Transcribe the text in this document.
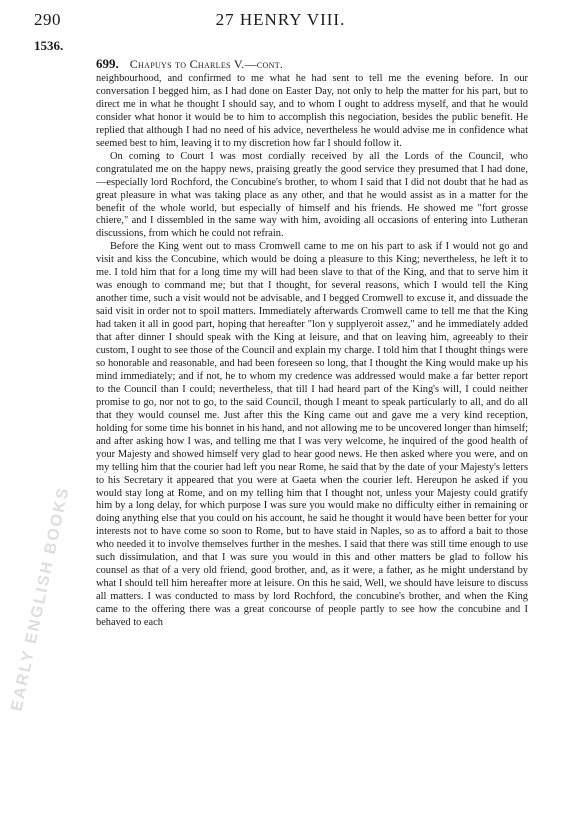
290	27 HENRY VIII.
1536.
699. Chapuys to Charles V.—cont.

neighbourhood, and confirmed to me what he had sent to tell me the evening before. In our conversation I begged him, as I had done on Easter Day, not only to help the matter for his part, but to direct me in what he thought I should say, and to whom I ought to address myself, and that he would consider what honor it would be to him to accomplish this negociation, besides the public benefit. He replied that although I had no need of his advice, nevertheless he would advise me in confidence what seemed best to him, leaving it to my discretion how far I should follow it.

On coming to Court I was most cordially received by all the Lords of the Council, who congratulated me on the happy news, praising greatly the good service they presumed that I had done,—especially lord Rochford, the Concubine's brother, to whom I said that I did not doubt that he had as great pleasure in what was taking place as any other, and that he would assist as in a matter for the benefit of the whole world, but especially of himself and his friends. He showed me "fort grosse chiere," and I dissembled in the same way with him, avoiding all occasions of entering into Lutheran discussions, from which he could not refrain.

Before the King went out to mass Cromwell came to me on his part to ask if I would not go and visit and kiss the Concubine, which would be doing a pleasure to this King; nevertheless, he left it to me. I told him that for a long time my will had been slave to that of the King, and that to serve him it was enough to command me; but that I thought, for several reasons, which I would tell the King another time, such a visit would not be advisable, and I begged Cromwell to excuse it, and dissuade the said visit in order not to spoil matters. Immediately afterwards Cromwell came to tell me that the King had taken it all in good part, hoping that hereafter "lon y supplyeroit assez," and he immediately added that after dinner I should speak with the King at leisure, and that on leaving him, agreeably to their custom, I ought to see those of the Council and explain my charge. I told him that I thought things were so honorable and reasonable, and had been foreseen so long, that I thought the King would make up his mind immediately; and if not, he to whom my credence was addressed would make a far better report to the Council than I could; nevertheless, that till I had heard part of the King's will, I could neither promise to go, nor not to go, to the said Council, though I meant to speak particularly to all, and do all that they would counsel me. Just after this the King came out and gave me a very kind reception, holding for some time his bonnet in his hand, and not allowing me to be uncovered longer than himself; and after asking how I was, and telling me that I was very welcome, he inquired of the good health of your Majesty and showed himself very glad to hear good news. He then asked where you were, and on my telling him that the courier had left you near Rome, he said that by the date of your Majesty's letters to his Secretary it appeared that you were at Gaeta when the courier left. Hereupon he asked if you would stay long at Rome, and on my telling him that I thought not, unless your Majesty could gratify him by a long delay, for which purpose I was sure you would make no difficulty either in remaining or doing anything else that you could on his account, he said he thought it would have been better for your interests not to have come so soon to Rome, but to have staid in Naples, so as to afford a bait to those who needed it to involve themselves further in the meshes. I said that there was still time enough to use such dissimulation, and that I was sure you would in this and other matters be glad to follow his counsel as that of a very old friend, good brother, and, as it were, a father, as he might understand by what I should tell him hereafter more at leisure. On this he said, Well, we should have leisure to discuss all matters. I was conducted to mass by lord Rochford, the concubine's brother, and when the King came to the offering there was a great concourse of people partly to see how the concubine and I behaved to each

EARLY ENGLISH BOOKS
